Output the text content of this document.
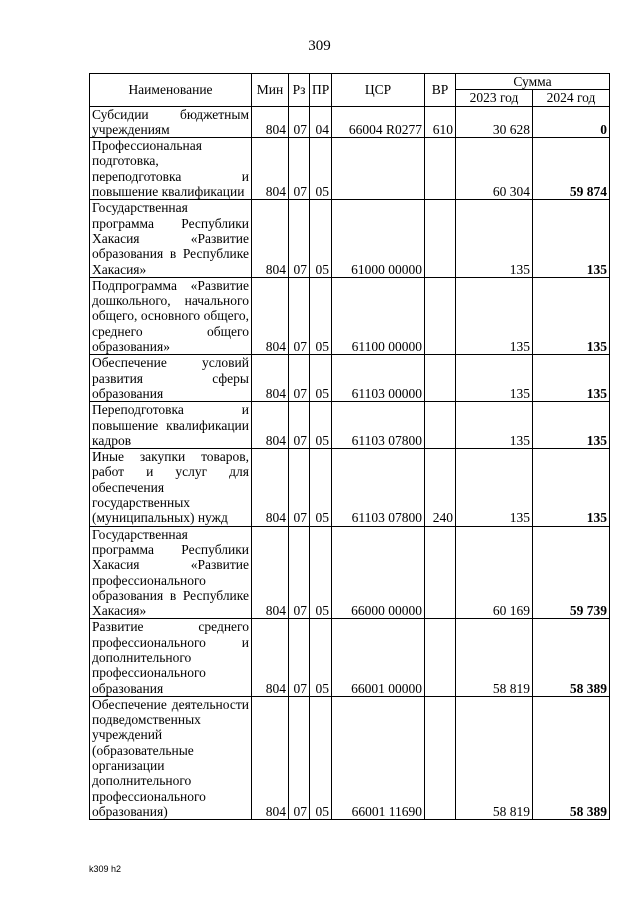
309
Наименование	Мин	Рз	ПР	ЦСР	ВР	Сумма	
						2023 год	2024 год
Субсидии бюджетным учреждениям	804	07	04	66004 R0277	610	30 628	0
Профессиональная подготовка, переподготовка и повышение квалификации	804	07	05			60 304	59 874
Государственная программа Республики Хакасия «Развитие образования в Республике Хакасия»	804	07	05	61000 00000		135	135
Подпрограмма «Развитие дошкольного, начального общего, основного общего, среднего общего образования»	804	07	05	61100 00000		135	135
Обеспечение условий развития сферы образования	804	07	05	61103 00000		135	135
Переподготовка и повышение квалификации кадров	804	07	05	61103 07800		135	135
Иные закупки товаров, работ и услуг для обеспечения государственных (муниципальных) нужд	804	07	05	61103 07800	240	135	135
Государственная программа Республики Хакасия «Развитие профессионального образования в Республике Хакасия»	804	07	05	66000 00000		60 169	59 739
Развитие среднего профессионального и дополнительного профессионального образования	804	07	05	66001 00000		58 819	58 389
Обеспечение деятельности подведомственных учреждений (образовательные организации дополнительного профессионального образования)	804	07	05	66001 11690		58 819	58 389
k309 h2
